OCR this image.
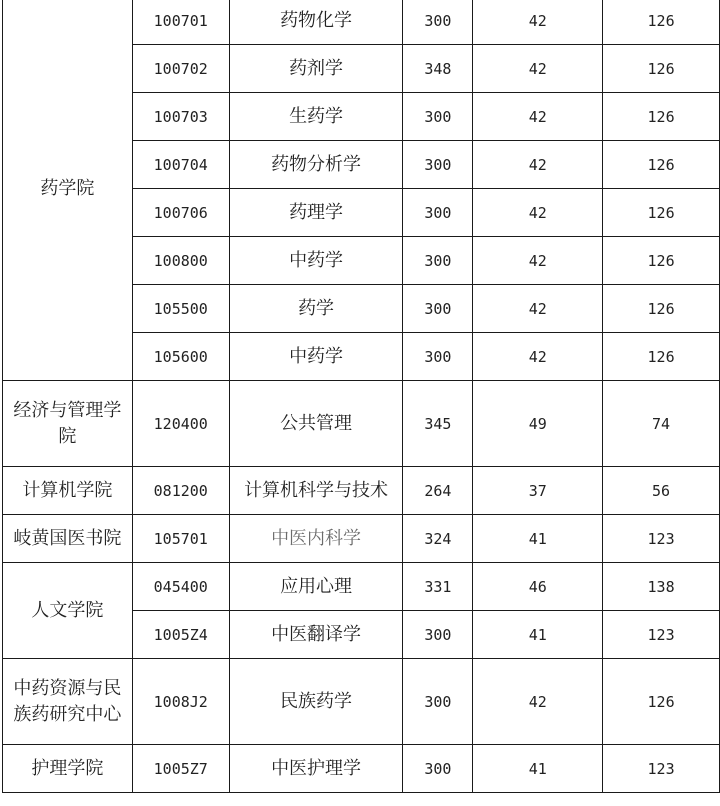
药学院	100701	药物化学	300	42	126
	100702	药剂学	348	42	126
	100703	生药学	300	42	126
	100704	药物分析学	300	42	126
	100706	药理学	300	42	126
	100800	中药学	300	42	126
	105500	药学	300	42	126
	105600	中药学	300	42	126
经济与管理学院	120400	公共管理	345	49	74
计算机学院	081200	计算机科学与技术	264	37	56
岐黄国医书院	105701	中医内科学	324	41	123
人文学院	045400	应用心理	331	46	138
	1005Z4	中医翻译学	300	41	123
中药资源与民族药研究中心	1008J2	民族药学	300	42	126
护理学院	1005Z7	中医护理学	300	41	123
